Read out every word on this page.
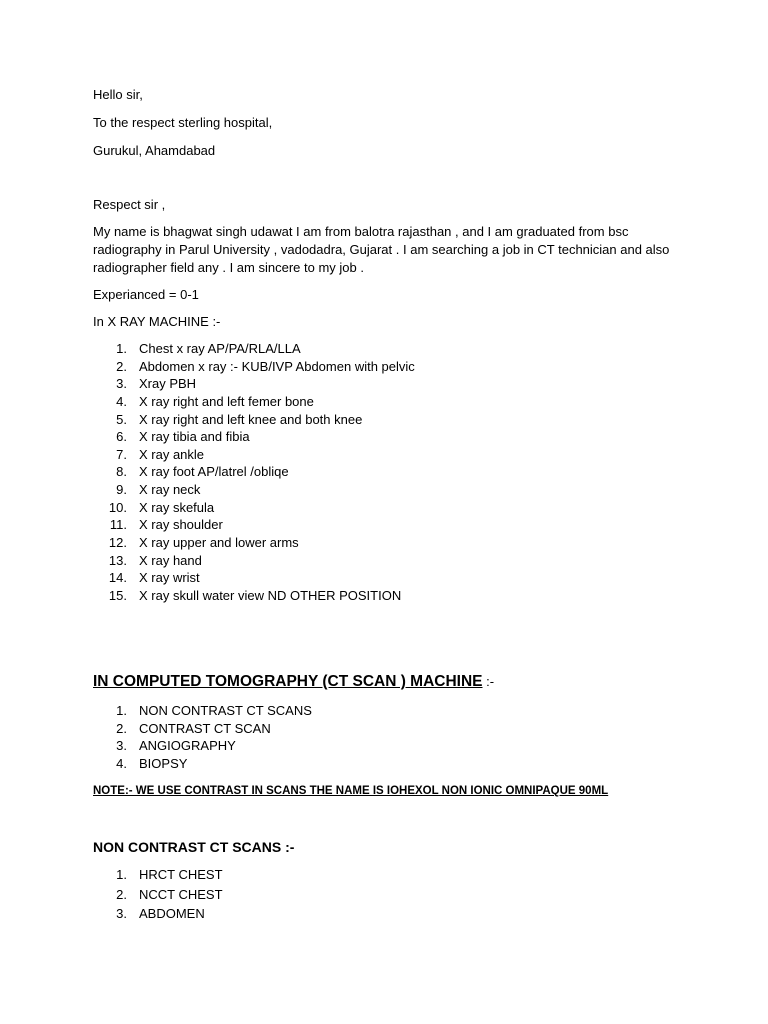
Hello sir,
To the respect sterling hospital,
Gurukul, Ahamdabad
Respect sir ,
My name is bhagwat singh udawat I am from balotra rajasthan , and I am graduated from bsc
radiography in Parul University , vadodadra, Gujarat . I am searching a job in CT technician and also
radiographer field any . I am sincere to my job .
Experianced = 0-1
In X RAY MACHINE :-
1. Chest x ray AP/PA/RLA/LLA
2. Abdomen x ray :- KUB/IVP Abdomen with pelvic
3. Xray PBH
4. X ray right and left femer bone
5. X ray right and left knee and both knee
6. X ray tibia and fibia
7. X ray ankle
8. X ray foot AP/latrel /obliqe
9. X ray neck
10. X ray skefula
11. X ray shoulder
12. X ray upper and lower arms
13. X ray hand
14. X ray wrist
15. X ray skull water view ND OTHER POSITION
IN COMPUTED TOMOGRAPHY (CT SCAN ) MACHINE :-
1. NON CONTRAST CT SCANS
2. CONTRAST CT SCAN
3. ANGIOGRAPHY
4. BIOPSY
NOTE:- WE USE CONTRAST IN SCANS THE NAME IS IOHEXOL NON IONIC OMNIPAQUE 90ML
NON CONTRAST CT SCANS :-
1. HRCT CHEST
2. NCCT CHEST
3. ABDOMEN
